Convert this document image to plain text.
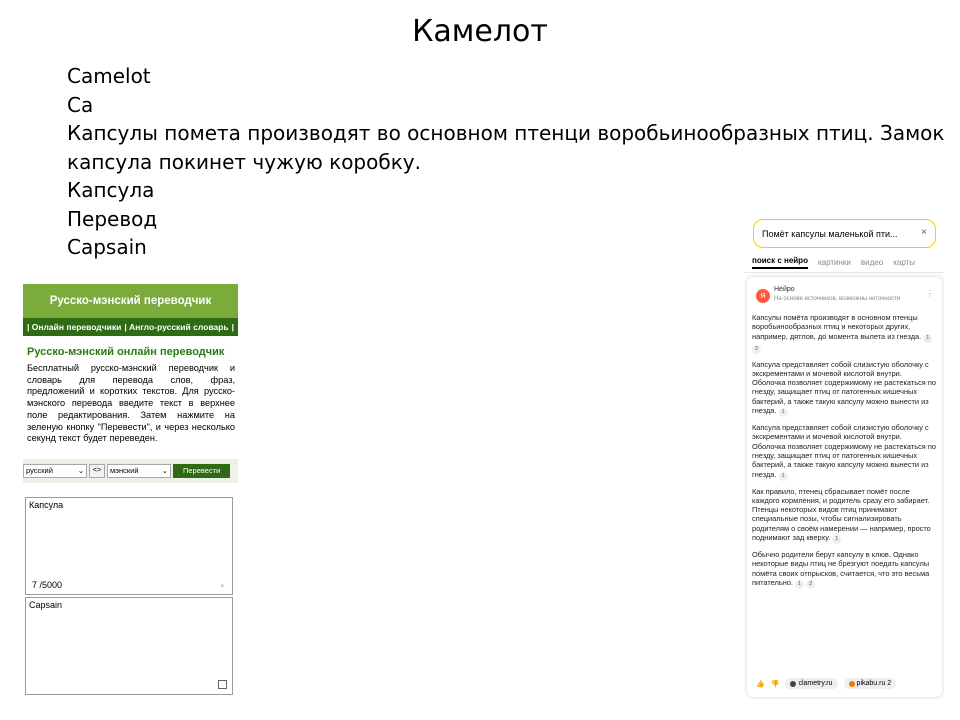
Камелот
Camelot
Ca
Капсулы помета производят во основном птенци воробьинообразных птиц. Замок капсула покинет чужую коробку.
Капсула
Перевод
Capsain
Русско-мэнский переводчик
| Онлайн переводчики | Англо-русский словарь |
Русско-мэнский онлайн переводчик
Бесплатный русско-мэнский переводчик и словарь для перевода слов, фраз, предложений и коротких текстов. Для русско-мэнского перевода введите текст в верхнее поле редактирования. Затем нажмите на зеленую кнопку "Перевести", и через несколько секунд текст будет переведен.
русский	⌄	<>	мэнский	⌄	Перевести
Капсула
7 /5000	×
Capsain
Помёт капсулы маленькой пти... ×
поиск с нейро картинки видео карты
Я
Нейро
На основе источников, возможны неточности
⋮

Капсулы помёта производят в основном птенцы воробьинообразных птиц и некоторых других, например, дятлов, до момента вылета из гнезда. 1 2

Капсула представляет собой слизистую оболочку с экскрементами и мочевой кислотой внутри. Оболочка позволяет содержимому не растекаться по гнезду, защищает птиц от патогенных кишечных бактерий, а также такую капсулу можно вынести из гнезда. 1

Капсула представляет собой слизистую оболочку с экскрементами и мочевой кислотой внутри. Оболочка позволяет содержимому не растекаться по гнезду, защищает птиц от патогенных кишечных бактерий, а также такую капсулу можно вынести из гнезда. 1

Как правило, птенец сбрасывает помёт после каждого кормления, и родитель сразу его забирает. Птенцы некоторых видов птиц принимают специальные позы, чтобы сигнализировать родителям о своём намерении — например, просто поднимают зад кверху. 1

Обычно родители берут капсулу в клюв. Однако некоторые виды птиц не брезгуют поедать капсулы помёта своих отпрысков, считается, что это весьма питательно. 1 2

👍 👎	clametry.ru	pikabu.ru 2
